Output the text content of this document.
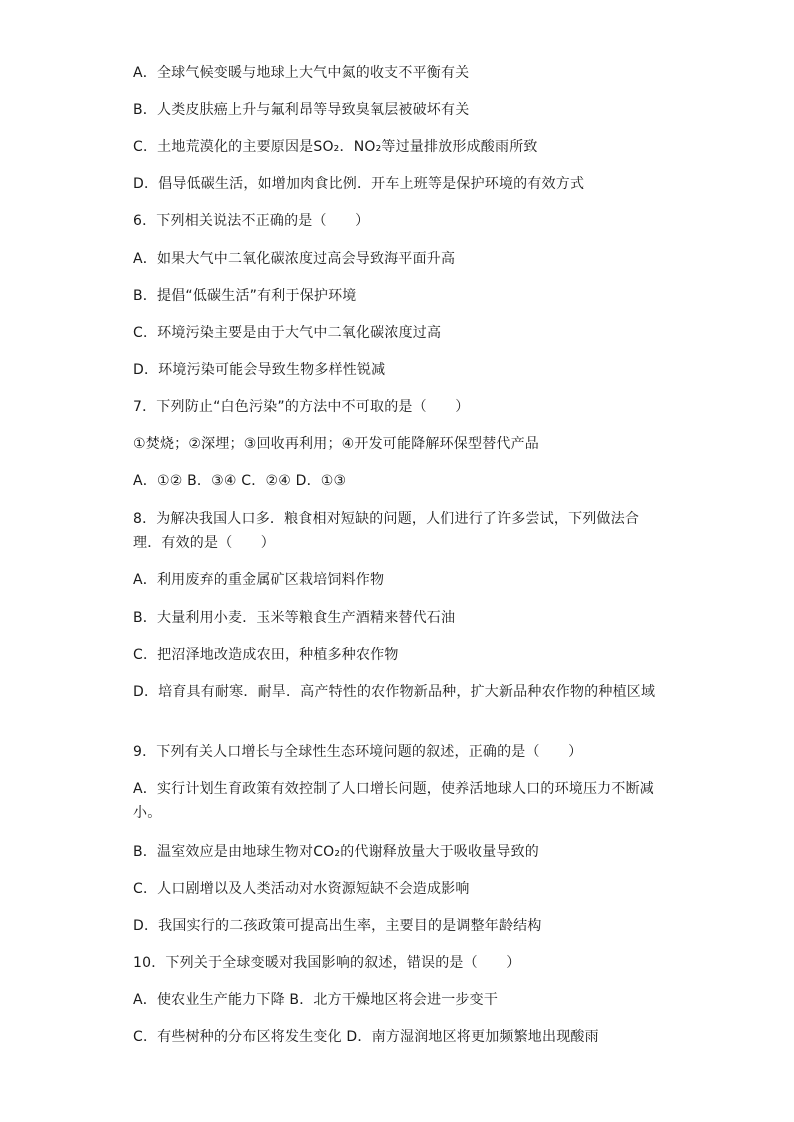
A．全球气候变暖与地球上大气中氮的收支不平衡有关
B．人类皮肤癌上升与氟利昂等导致臭氧层被破坏有关
C．土地荒漠化的主要原因是SO₂．NO₂等过量排放形成酸雨所致
D．倡导低碳生活，如增加肉食比例．开车上班等是保护环境的有效方式
6．下列相关说法不正确的是（　　）
A．如果大气中二氧化碳浓度过高会导致海平面升高
B．提倡“低碳生活”有利于保护环境
C．环境污染主要是由于大气中二氧化碳浓度过高
D．环境污染可能会导致生物多样性锐减
7．下列防止“白色污染”的方法中不可取的是（　　）
①焚烧；②深埋；③回收再利用；④开发可能降解环保型替代产品
A．①② B．③④ C．②④ D．①③
8．为解决我国人口多．粮食相对短缺的问题，人们进行了许多尝试，下列做法合理．有效的是（　　）
A．利用废弃的重金属矿区栽培饲料作物
B．大量利用小麦．玉米等粮食生产酒精来替代石油
C．把沼泽地改造成农田，种植多种农作物
D．培育具有耐寒．耐旱．高产特性的农作物新品种，扩大新品种农作物的种植区域
9．下列有关人口增长与全球性生态环境问题的叙述，正确的是（　　）
A．实行计划生育政策有效控制了人口增长问题，使养活地球人口的环境压力不断减小。
B．温室效应是由地球生物对CO₂的代谢释放量大于吸收量导致的
C．人口剧增以及人类活动对水资源短缺不会造成影响
D．我国实行的二孩政策可提高出生率，主要目的是调整年龄结构
10．下列关于全球变暖对我国影响的叙述，错误的是（　　）
A．使农业生产能力下降 B．北方干燥地区将会进一步变干
C．有些树种的分布区将发生变化 D．南方湿润地区将更加频繁地出现酸雨
